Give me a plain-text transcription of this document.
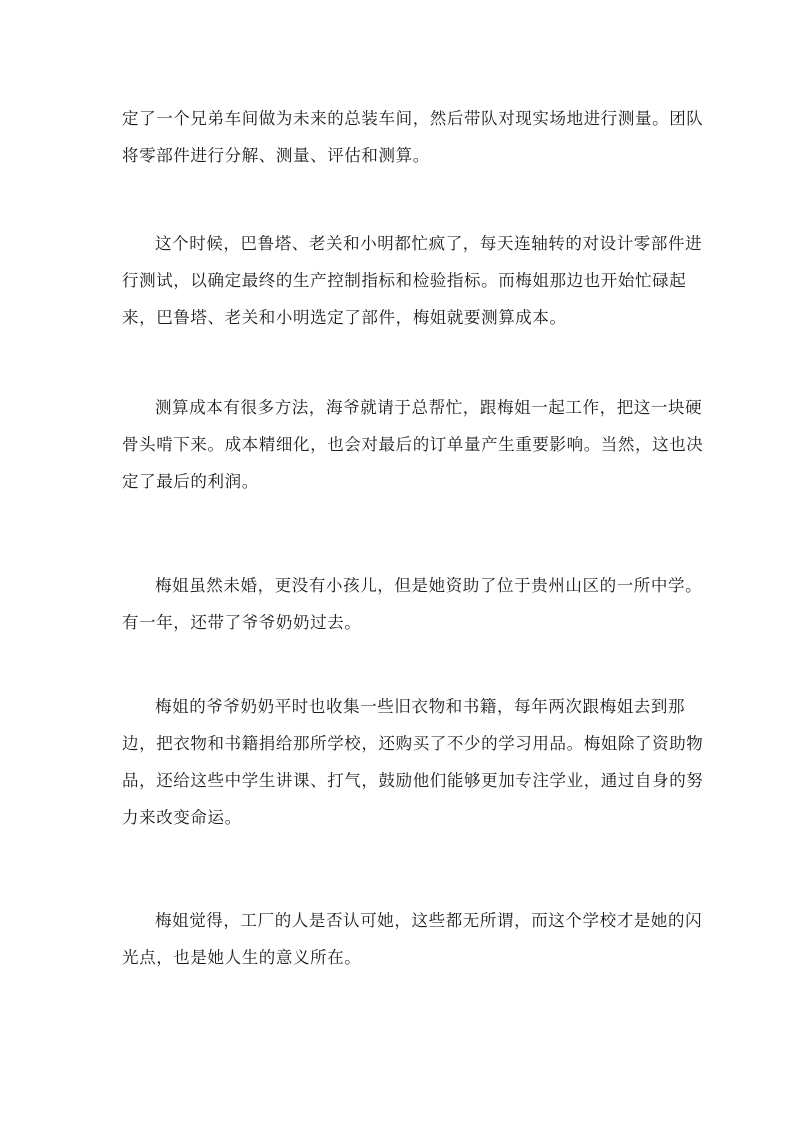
定了一个兄弟车间做为未来的总装车间，然后带队对现实场地进行测量。团队
将零部件进行分解、测量、评估和测算。

这个时候，巴鲁塔、老关和小明都忙疯了，每天连轴转的对设计零部件进
行测试，以确定最终的生产控制指标和检验指标。而梅姐那边也开始忙碌起
来，巴鲁塔、老关和小明选定了部件，梅姐就要测算成本。

测算成本有很多方法，海爷就请于总帮忙，跟梅姐一起工作，把这一块硬
骨头啃下来。成本精细化，也会对最后的订单量产生重要影响。当然，这也决
定了最后的利润。

梅姐虽然未婚，更没有小孩儿，但是她资助了位于贵州山区的一所中学。
有一年，还带了爷爷奶奶过去。

梅姐的爷爷奶奶平时也收集一些旧衣物和书籍，每年两次跟梅姐去到那
边，把衣物和书籍捐给那所学校，还购买了不少的学习用品。梅姐除了资助物
品，还给这些中学生讲课、打气，鼓励他们能够更加专注学业，通过自身的努
力来改变命运。

梅姐觉得，工厂的人是否认可她，这些都无所谓，而这个学校才是她的闪
光点，也是她人生的意义所在。
